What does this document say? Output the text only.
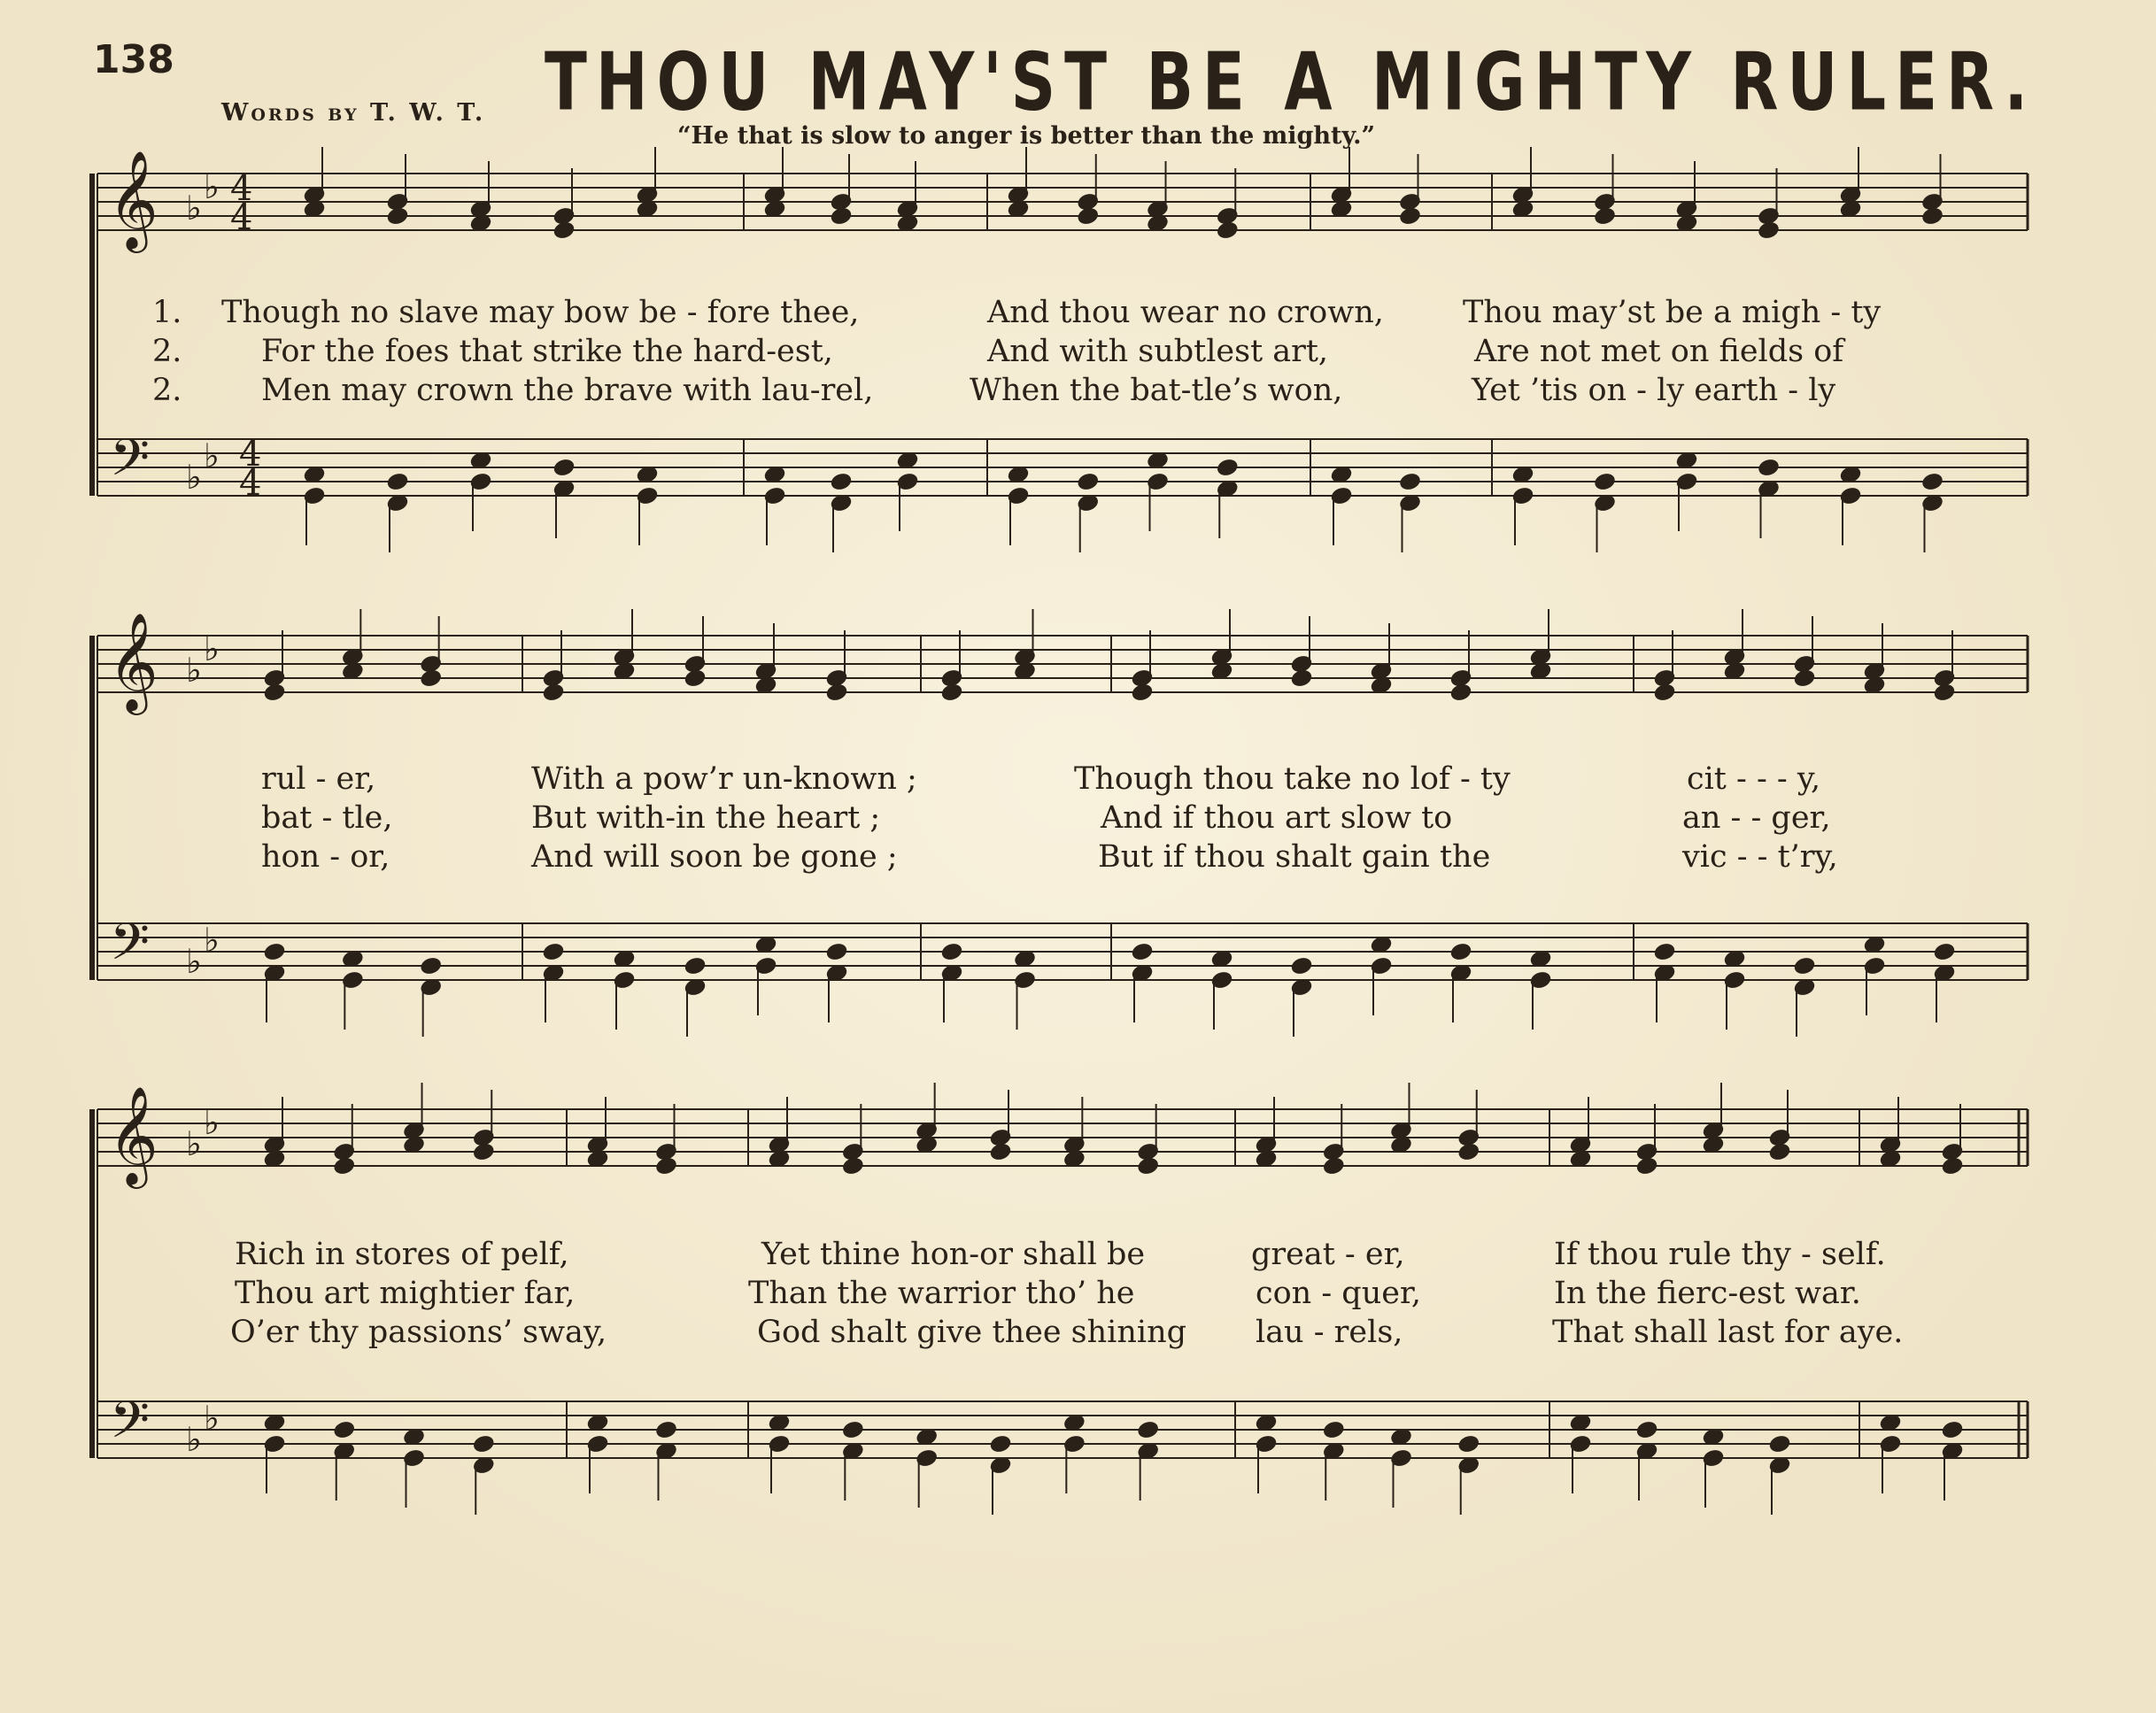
138	THOU MAY'ST BE A MIGHTY RULER.
Words by T. W. T.
“He that is slow to anger is better than the mighty.”
𝄞
𝄢
♭
♭
♭
♭
4
4
4
4
𝄞
𝄢
♭
♭
♭
♭
𝄞
𝄢
♭
♭
♭
♭
1.
2.
2.
Though no slave may bow be - fore thee,	And thou wear no crown,	Thou may’st be a migh - ty
For the foes that strike the hard-est,	And with subtlest art,	Are not met on fields of
Men may crown the brave with lau-rel,	When the bat-tle’s won,	Yet ’tis on - ly earth - ly
rul - er,	With a pow’r un-known ;	Though thou take no lof - ty	cit - - - y,
bat - tle,	But with-in the heart ;	And if thou art slow to	an - - ger,
hon - or,	And will soon be gone ;	But if thou shalt gain the	vic - - t’ry,
Rich in stores of pelf,	Yet thine hon-or shall be	great - er,	If thou rule thy - self.
Thou art mightier far,	Than the warrior tho’ he	con - quer,	In the fierc-est war.
O’er thy passions’ sway,	God shalt give thee shining lau - rels,	That shall last for aye.
